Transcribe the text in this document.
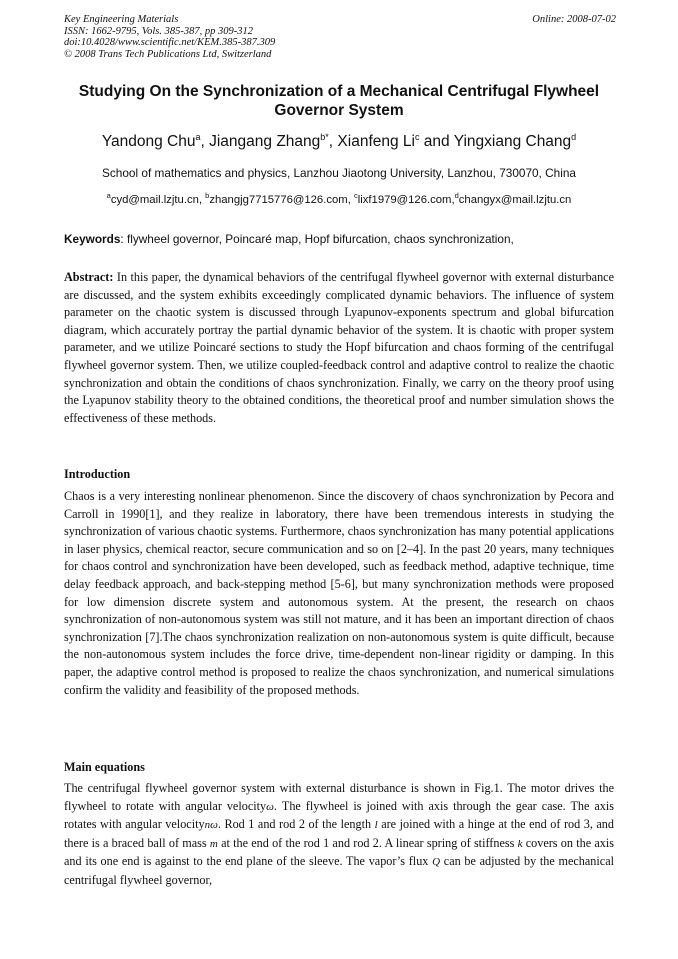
Key Engineering Materials
ISSN: 1662-9795, Vols. 385-387, pp 309-312
doi:10.4028/www.scientific.net/KEM.385-387.309
© 2008 Trans Tech Publications Ltd, Switzerland
Online: 2008-07-02
Studying On the Synchronization of a Mechanical Centrifugal Flywheel Governor System
Yandong Chu$^a$, Jiangang Zhang$^{b*}$, Xianfeng Li$^c$ and Yingxiang Chang$^d$
School of mathematics and physics, Lanzhou Jiaotong University, Lanzhou, 730070, China
$^a$cyd@mail.lzjtu.cn, $^b$zhangjg7715776@126.com, $^c$lixf1979@126.com,$^d$changyx@mail.lzjtu.cn
Keywords: flywheel governor, Poincaré map, Hopf bifurcation, chaos synchronization,
Abstract: In this paper, the dynamical behaviors of the centrifugal flywheel governor with external disturbance are discussed, and the system exhibits exceedingly complicated dynamic behaviors. The influence of system parameter on the chaotic system is discussed through Lyapunov-exponents spectrum and global bifurcation diagram, which accurately portray the partial dynamic behavior of the system. It is chaotic with proper system parameter, and we utilize Poincaré sections to study the Hopf bifurcation and chaos forming of the centrifugal flywheel governor system. Then, we utilize coupled-feedback control and adaptive control to realize the chaotic synchronization and obtain the conditions of chaos synchronization. Finally, we carry on the theory proof using the Lyapunov stability theory to the obtained conditions, the theoretical proof and number simulation shows the effectiveness of these methods.
Introduction
Chaos is a very interesting nonlinear phenomenon. Since the discovery of chaos synchronization by Pecora and Carroll in 1990[1], and they realize in laboratory, there have been tremendous interests in studying the synchronization of various chaotic systems. Furthermore, chaos synchronization has many potential applications in laser physics, chemical reactor, secure communication and so on [2–4]. In the past 20 years, many techniques for chaos control and synchronization have been developed, such as feedback method, adaptive technique, time delay feedback approach, and back-stepping method [5-6], but many synchronization methods were proposed for low dimension discrete system and autonomous system. At the present, the research on chaos synchronization of non-autonomous system was still not mature, and it has been an important direction of chaos synchronization [7].The chaos synchronization realization on non-autonomous system is quite difficult, because the non-autonomous system includes the force drive, time-dependent non-linear rigidity or damping. In this paper, the adaptive control method is proposed to realize the chaos synchronization, and numerical simulations confirm the validity and feasibility of the proposed methods.
Main equations
The centrifugal flywheel governor system with external disturbance is shown in Fig.1. The motor drives the flywheel to rotate with angular velocityω. The flywheel is joined with axis through the gear case. The axis rotates with angular velocitynω. Rod 1 and rod 2 of the length l are joined with a hinge at the end of rod 3, and there is a braced ball of mass m at the end of the rod 1 and rod 2. A linear spring of stiffness k covers on the axis and its one end is against to the end plane of the sleeve. The vapor’s flux Q can be adjusted by the mechanical centrifugal flywheel governor,
